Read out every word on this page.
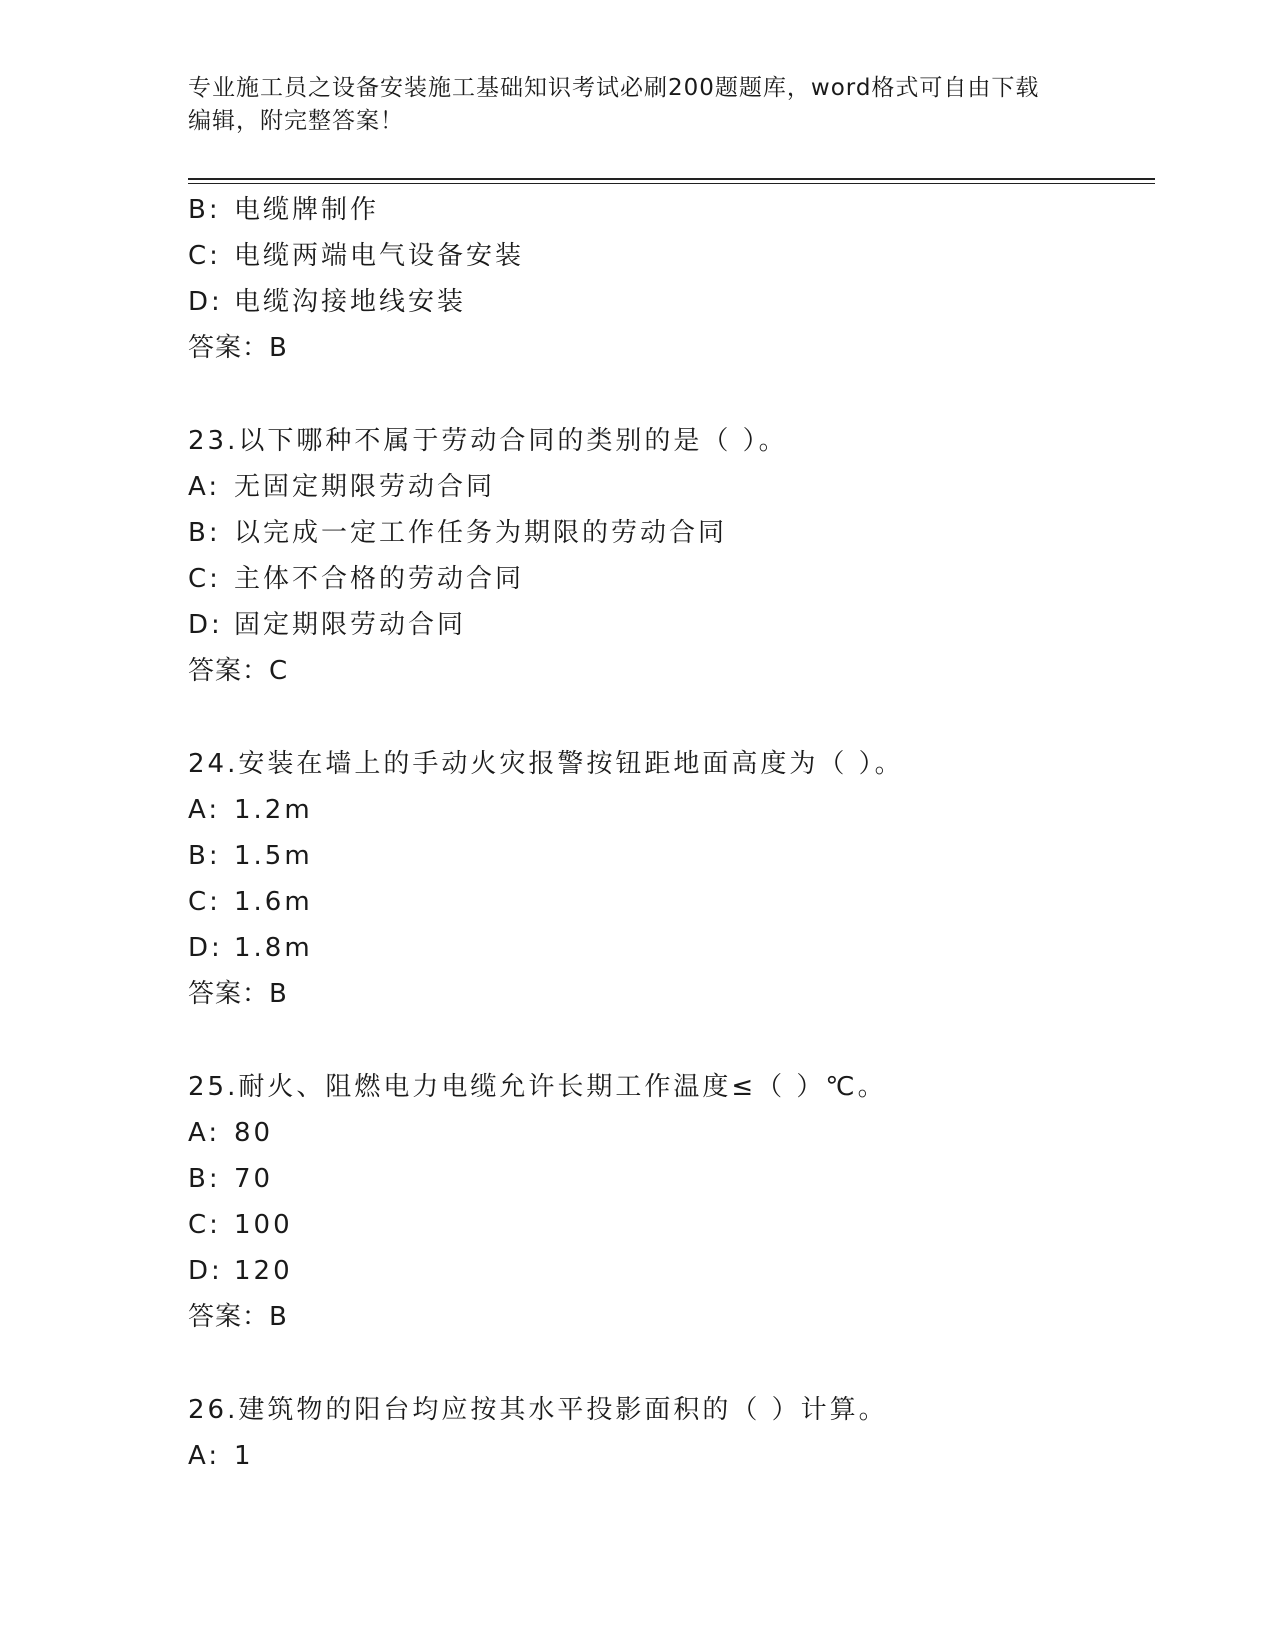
专业施工员之设备安装施工基础知识考试必刷200题题库，word格式可自由下载
编辑，附完整答案！
B: 电缆牌制作
C: 电缆两端电气设备安装
D: 电缆沟接地线安装
答案：B
23.以下哪种不属于劳动合同的类别的是（ ）。
A: 无固定期限劳动合同
B: 以完成一定工作任务为期限的劳动合同
C: 主体不合格的劳动合同
D: 固定期限劳动合同
答案：C
24.安装在墙上的手动火灾报警按钮距地面高度为（ ）。
A: 1.2m
B: 1.5m
C: 1.6m
D: 1.8m
答案：B
25.耐火、阻燃电力电缆允许长期工作温度≤（ ）℃。
A: 80
B: 70
C: 100
D: 120
答案：B
26.建筑物的阳台均应按其水平投影面积的（ ）计算。
A: 1
